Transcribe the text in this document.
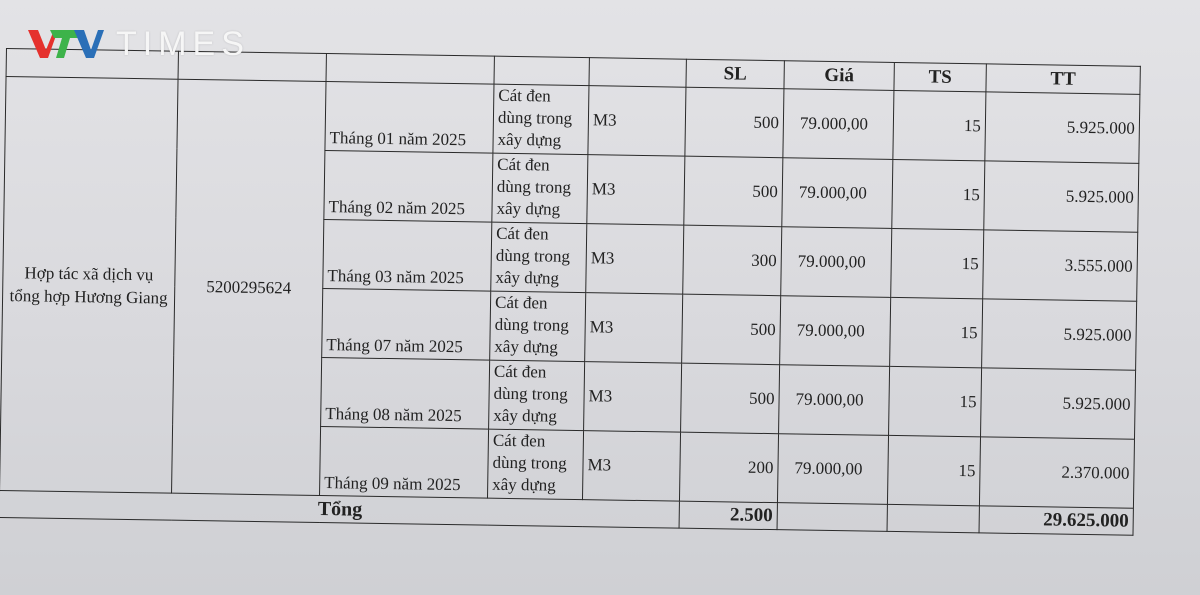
TIMES
					SL	Giá	TS	TT
Hợp tác xã dịch vụ tổng hợp Hương Giang	5200295624	Tháng 01 năm 2025	Cát đen dùng trong xây dựng	M3	500	79.000,00	15	5.925.000
		Tháng 02 năm 2025	Cát đen dùng trong xây dựng	M3	500	79.000,00	15	5.925.000
		Tháng 03 năm 2025	Cát đen dùng trong xây dựng	M3	300	79.000,00	15	3.555.000
		Tháng 07 năm 2025	Cát đen dùng trong xây dựng	M3	500	79.000,00	15	5.925.000
		Tháng 08 năm 2025	Cát đen dùng trong xây dựng	M3	500	79.000,00	15	5.925.000
		Tháng 09 năm 2025	Cát đen dùng trong xây dựng	M3	200	79.000,00	15	2.370.000
Tổng					2.500			29.625.000
